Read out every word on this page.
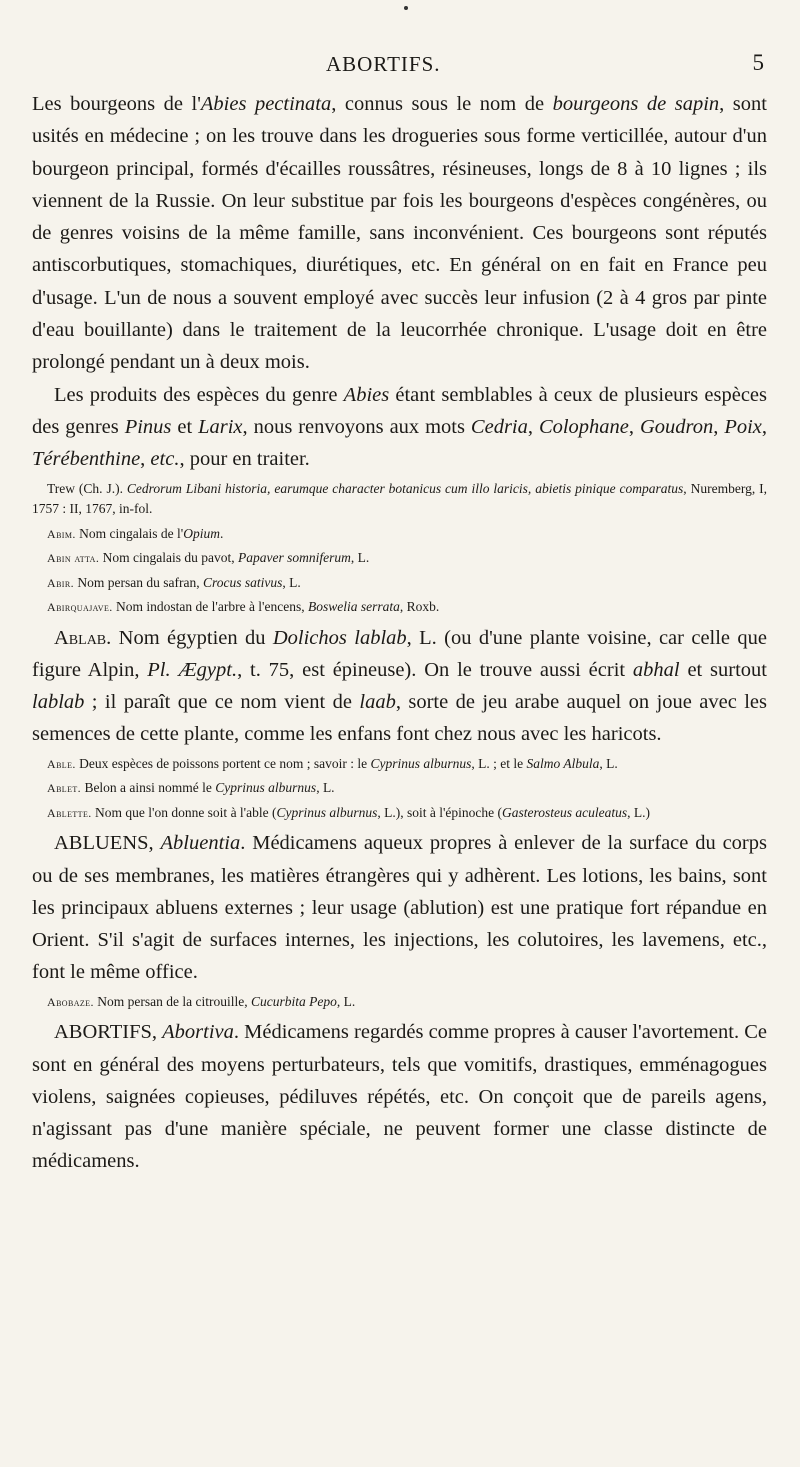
ABORTIFS.	5

Les bourgeons de l'Abies pectinata, connus sous le nom de bourgeons de sapin, sont usités en médecine ; on les trouve dans les drogueries sous forme verticillée, autour d'un bourgeon principal, formés d'écailles roussâtres, résineuses, longs de 8 à 10 lignes ; ils viennent de la Russie. On leur substitue par fois les bourgeons d'espèces congénères, ou de genres voisins de la même famille, sans inconvénient. Ces bourgeons sont réputés antiscorbutiques, stomachiques, diurétiques, etc. En général on en fait en France peu d'usage. L'un de nous a souvent employé avec succès leur infusion (2 à 4 gros par pinte d'eau bouillante) dans le traitement de la leucorrhée chronique. L'usage doit en être prolongé pendant un à deux mois.

Les produits des espèces du genre Abies étant semblables à ceux de plusieurs espèces des genres Pinus et Larix, nous renvoyons aux mots Cedria, Colophane, Goudron, Poix, Térébenthine, etc., pour en traiter.

Trew (Ch. J.). Cedrorum Libani historia, earumque character botanicus cum illo laricis, abietis pinique comparatus, Nuremberg, I, 1757 : II, 1767, in-fol.

Abim. Nom cingalais de l'Opium.

Abin atta. Nom cingalais du pavot, Papaver somniferum, L.

Abir. Nom persan du safran, Crocus sativus, L.

Abirquajave. Nom indostan de l'arbre à l'encens, Boswelia serrata, Roxb.

Ablab. Nom égyptien du Dolichos lablab, L. (ou d'une plante voisine, car celle que figure Alpin, Pl. Ægypt., t. 75, est épineuse). On le trouve aussi écrit abhal et surtout lablab ; il paraît que ce nom vient de laab, sorte de jeu arabe auquel on joue avec les semences de cette plante, comme les enfans font chez nous avec les haricots.

Able. Deux espèces de poissons portent ce nom ; savoir : le Cyprinus alburnus, L. ; et le Salmo Albula, L.

Ablet. Belon a ainsi nommé le Cyprinus alburnus, L.

Ablette. Nom que l'on donne soit à l'able (Cyprinus alburnus, L.), soit à l'épinoche (Gasterosteus aculeatus, L.)

ABLUENS, Abluentia. Médicamens aqueux propres à enlever de la surface du corps ou de ses membranes, les matières étrangères qui y adhèrent. Les lotions, les bains, sont les principaux abluens externes ; leur usage (ablution) est une pratique fort répandue en Orient. S'il s'agit de surfaces internes, les injections, les colutoires, les lavemens, etc., font le même office.

Abobaze. Nom persan de la citrouille, Cucurbita Pepo, L.

ABORTIFS, Abortiva. Médicamens regardés comme propres à causer l'avortement. Ce sont en général des moyens perturbateurs, tels que vomitifs, drastiques, emménagogues violens, saignées copieuses, pédiluves répétés, etc. On conçoit que de pareils agens, n'agissant pas d'une manière spéciale, ne peuvent former une classe distincte de médicamens.
